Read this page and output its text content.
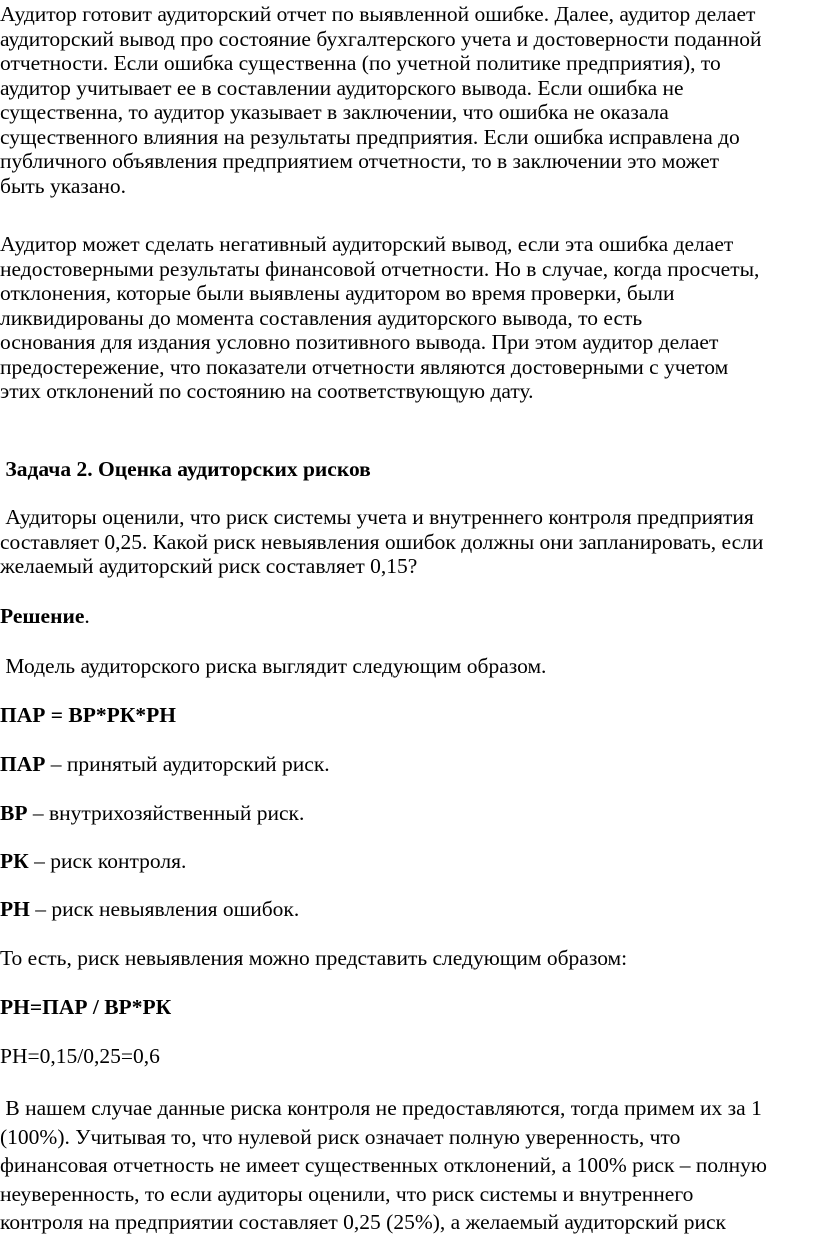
Аудитор готовит аудиторский отчет по выявленной ошибке. Далее, аудитор делает
аудиторский вывод про состояние бухгалтерского учета и достоверности поданной
отчетности. Если ошибка существенна (по учетной политике предприятия), то
аудитор учитывает ее в составлении аудиторского вывода. Если ошибка не
существенна, то аудитор указывает в заключении, что ошибка не оказала
существенного влияния на результаты предприятия. Если ошибка исправлена до
публичного объявления предприятием отчетности, то в заключении это может
быть указано.

Аудитор может сделать негативный аудиторский вывод, если эта ошибка делает
недостоверными результаты финансовой отчетности. Но в случае, когда просчеты,
отклонения, которые были выявлены аудитором во время проверки, были
ликвидированы до момента составления аудиторского вывода, то есть
основания для издания условно позитивного вывода. При этом аудитор делает
предостережение, что показатели отчетности являются достоверными с учетом
этих отклонений по состоянию на соответствующую дату.

Задача 2. Оценка аудиторских рисков

Аудиторы оценили, что риск системы учета и внутреннего контроля предприятия
составляет 0,25. Какой риск невыявления ошибок должны они запланировать, если
желаемый аудиторский риск составляет 0,15?

Решение.

Модель аудиторского риска выглядит следующим образом.

ПАР = ВР*РК*РН

ПАР – принятый аудиторский риск.

ВР – внутрихозяйственный риск.

РК – риск контроля.

РН – риск невыявления ошибок.

То есть, риск невыявления можно представить следующим образом:

РН=ПАР / ВР*РК

РН=0,15/0,25=0,6

В нашем случае данные риска контроля не предоставляются, тогда примем их за 1
(100%). Учитывая то, что нулевой риск означает полную уверенность, что
финансовая отчетность не имеет существенных отклонений, а 100% риск – полную
неуверенность, то если аудиторы оценили, что риск системы и внутреннего
контроля на предприятии составляет 0,25 (25%), а желаемый аудиторский риск
